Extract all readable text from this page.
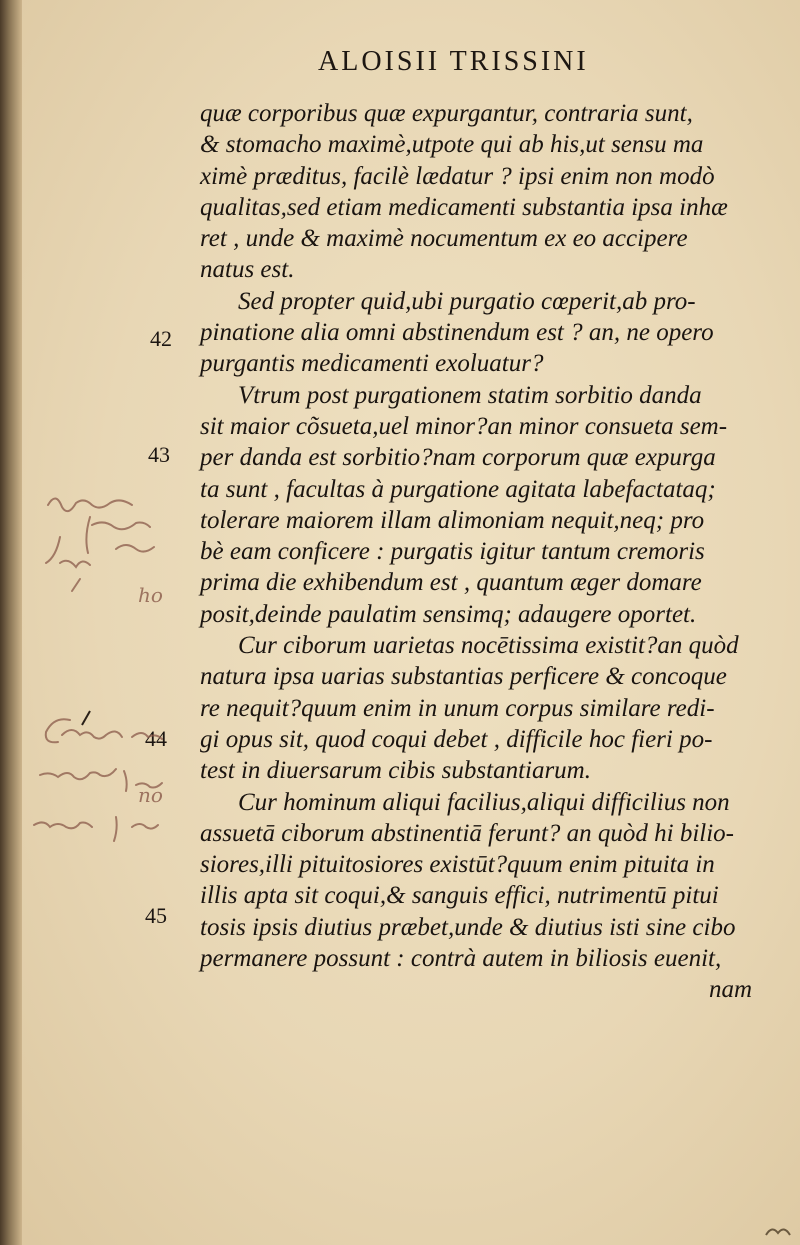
ALOISII TRISSINI
quæ corporibus quæ expurgantur, contraria sunt,
& stomacho maximè,utpote qui ab his,ut sensu ma
ximè præditus, facilè lædatur ? ipsi enim non modò
qualitas,sed etiam medicamenti substantia ipsa inhæ
ret , unde & maximè nocumentum ex eo accipere
natus est.
Sed propter quid,ubi purgatio cœperit,ab pro-
pinatione alia omni abstinendum est ? an, ne opero
purgantis medicamenti exoluatur?
Vtrum post purgationem statim sorbitio danda
sit maior cõsueta,uel minor?an minor consueta sem-
per danda est sorbitio?nam corporum quæ expurga
ta sunt , facultas à purgatione agitata labefactataq;
tolerare maiorem illam alimoniam nequit,neq; pro
bè eam conficere : purgatis igitur tantum cremoris
prima die exhibendum est , quantum æger domare
posit,deinde paulatim sensimq; adaugere oportet.
Cur ciborum uarietas nocētissima existit?an quòd
natura ipsa uarias substantias perficere & concoque
re nequit?quum enim in unum corpus similare redi-
gi opus sit, quod coqui debet , difficile hoc fieri po-
test in diuersarum cibis substantiarum.
Cur hominum aliqui facilius,aliqui difficilius non
assuetā ciborum abstinentiā ferunt? an quòd hi bilio-
siores,illi pituitosiores existūt?quum enim pituita in
illis apta sit coqui,& sanguis effici, nutrimentū pitui
tosis ipsis diutius præbet,unde & diutius isti sine cibo
permanere possunt : contrà autem in biliosis euenit,
nam
42
43
44
45
ho
no
